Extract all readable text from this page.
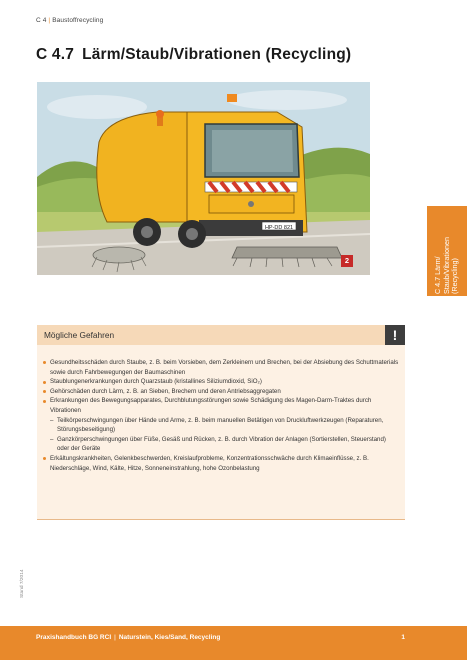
C 4 | Baustoffrecycling
C 4.7 Lärm/Staub/Vibrationen (Recycling)
HP-DD 821
2	C 4.7 Lärm/ Staub/Vibrationen (Recycling)
Mögliche Gefahren	!
Gesundheitsschäden durch Staube, z. B. beim Vorsieben, dem Zerkleinern und Brechen, bei der Absiebung des Schuttmaterials sowie durch Fahrbewegungen der Baumaschinen
Staublungenerkrankungen durch Quarzstaub (kristallines Siliziumdioxid, SiO₂)
Gehörschäden durch Lärm, z. B. an Sieben, Brechern und deren Antriebsaggregaten
Erkrankungen des Bewegungsapparates, Durchblutungsstörungen sowie Schädigung des Magen-Darm-Traktes durch Vibrationen
– Teilkörperschwingungen über Hände und Arme, z. B. beim manuellen Betätigen von Druckluftwerkzeugen (Reparaturen, Störungsbeseitigung)
– Ganzkörperschwingungen über Füße, Gesäß und Rücken, z. B. durch Vibration der Anlagen (Sortierstellen, Steuerstand) oder der Geräte
Erkältungskrankheiten, Gelenkbeschwerden, Kreislaufprobleme, Konzentrationsschwäche durch Klimaeinflüsse, z. B. Niederschläge, Wind, Kälte, Hitze, Sonneneinstrahlung, hohe Ozonbelastung
Stand 7/2014
Praxishandbuch BG RCI | Naturstein, Kies/Sand, Recycling	1
